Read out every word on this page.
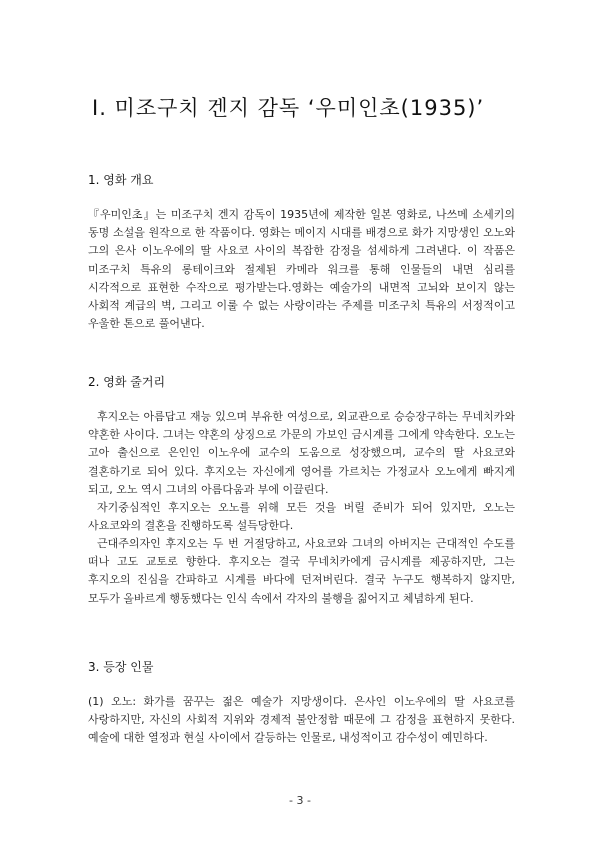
Ⅰ. 미조구치 겐지 감독 ‘우미인초(1935)’
1. 영화 개요

『우미인초』는 미조구치 겐지 감독이 1935년에 제작한 일본 영화로, 나쓰메 소세키의 동명 소설을 원작으로 한 작품이다. 영화는 메이지 시대를 배경으로 화가 지망생인 오노와 그의 은사 이노우에의 딸 사요코 사이의 복잡한 감정을 섬세하게 그려낸다. 이 작품은 미조구치 특유의 롱테이크와 절제된 카메라 워크를 통해 인물들의 내면 심리를 시각적으로 표현한 수작으로 평가받는다.영화는 예술가의 내면적 고뇌와 보이지 않는 사회적 계급의 벽, 그리고 이룰 수 없는 사랑이라는 주제를 미조구치 특유의 서정적이고 우울한 톤으로 풀어낸다.

2. 영화 줄거리

후지오는 아름답고 재능 있으며 부유한 여성으로, 외교관으로 승승장구하는 무네치카와 약혼한 사이다. 그녀는 약혼의 상징으로 가문의 가보인 금시계를 그에게 약속한다. 오노는 고아 출신으로 은인인 이노우에 교수의 도움으로 성장했으며, 교수의 딸 사요코와 결혼하기로 되어 있다. 후지오는 자신에게 영어를 가르치는 가정교사 오노에게 빠지게 되고, 오노 역시 그녀의 아름다움과 부에 이끌린다.

자기중심적인 후지오는 오노를 위해 모든 것을 버릴 준비가 되어 있지만, 오노는 사요코와의 결혼을 진행하도록 설득당한다.

근대주의자인 후지오는 두 번 거절당하고, 사요코와 그녀의 아버지는 근대적인 수도를 떠나 고도 교토로 향한다. 후지오는 결국 무네치카에게 금시계를 제공하지만, 그는 후지오의 진심을 간파하고 시계를 바다에 던져버린다. 결국 누구도 행복하지 않지만, 모두가 올바르게 행동했다는 인식 속에서 각자의 불행을 짊어지고 체념하게 된다.

3. 등장 인물

(1) 오노: 화가를 꿈꾸는 젊은 예술가 지망생이다. 은사인 이노우에의 딸 사요코를 사랑하지만, 자신의 사회적 지위와 경제적 불안정함 때문에 그 감정을 표현하지 못한다. 예술에 대한 열정과 현실 사이에서 갈등하는 인물로, 내성적이고 감수성이 예민하다.

- 3 -
